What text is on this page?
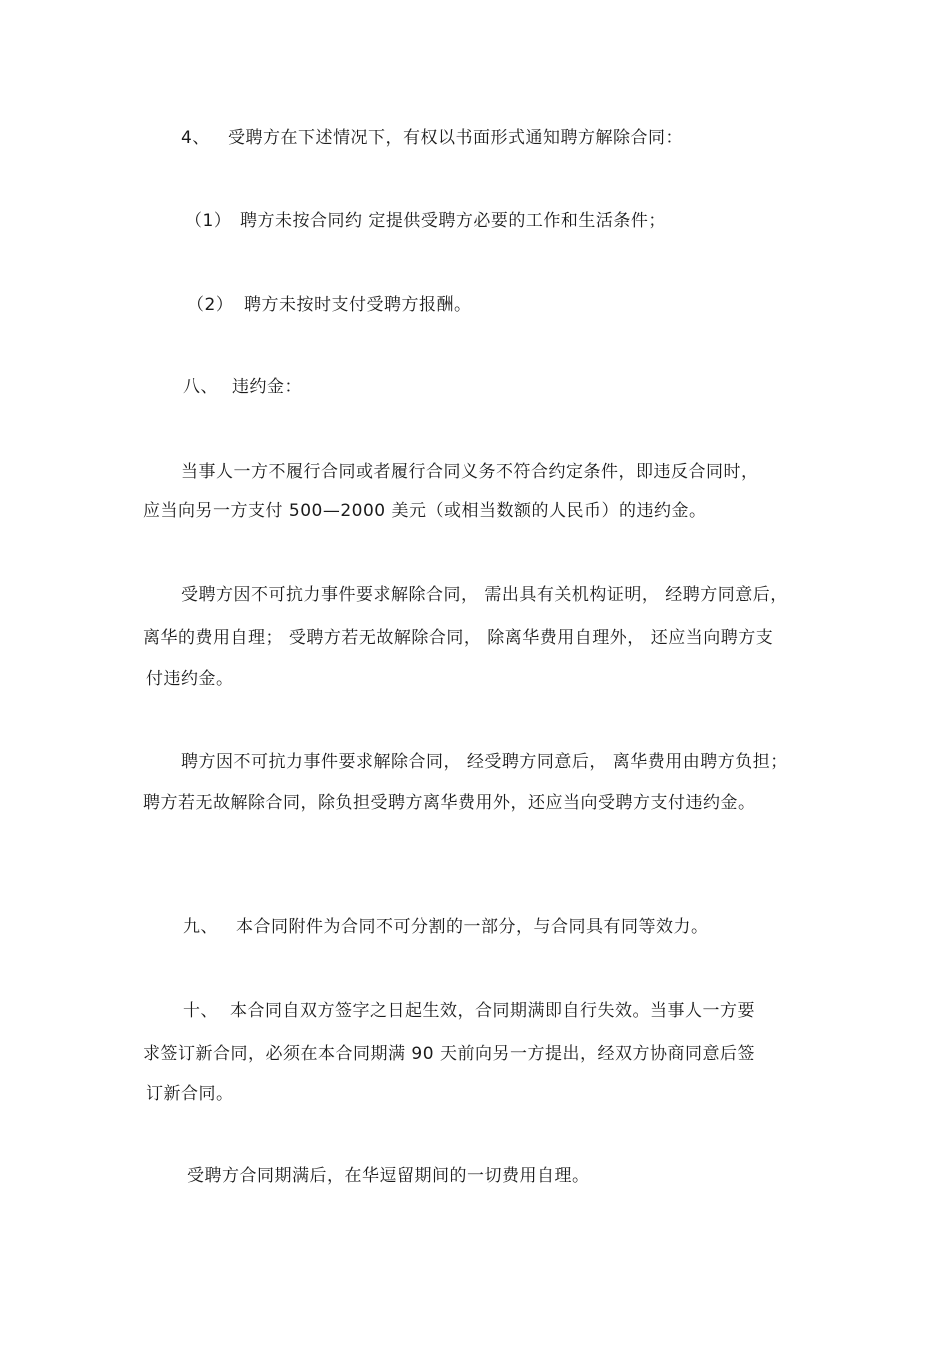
4、 受聘方在下述情况下，有权以书面形式通知聘方解除合同：
（1） 聘方未按合同约 定提供受聘方必要的工作和生活条件；
（2） 聘方未按时支付受聘方报酬。
八、 违约金：
当事人一方不履行合同或者履行合同义务不符合约定条件，即违反合同时，
应当向另一方支付 500—2000 美元（或相当数额的人民币）的违约金。
受聘方因不可抗力事件要求解除合同， 需出具有关机构证明， 经聘方同意后，
离华的费用自理； 受聘方若无故解除合同， 除离华费用自理外， 还应当向聘方支
付违约金。
聘方因不可抗力事件要求解除合同， 经受聘方同意后， 离华费用由聘方负担；
聘方若无故解除合同，除负担受聘方离华费用外，还应当向受聘方支付违约金。
九、 本合同附件为合同不可分割的一部分，与合同具有同等效力。
十、 本合同自双方签字之日起生效，合同期满即自行失效。当事人一方要
求签订新合同，必须在本合同期满 90 天前向另一方提出，经双方协商同意后签
订新合同。
受聘方合同期满后，在华逗留期间的一切费用自理。
